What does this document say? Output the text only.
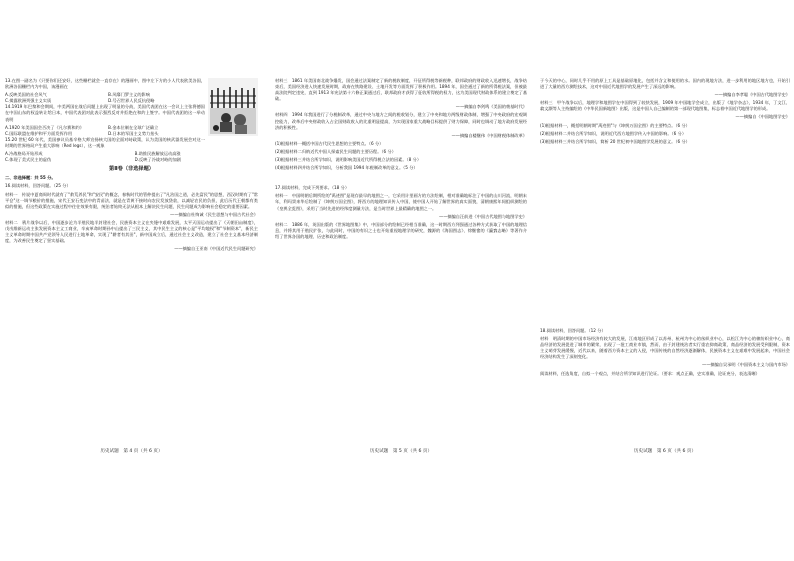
13.在图一副名为《只要你们还安好，这些栅栏就会一直存在》的漫画中，图中左下方的小人代表欧美各国，欧洲各国栅栏内为中国，该漫画在

A.反映美国的社会风气	B.风靡门罗主义的影响
C.揭露欧洲列强主义实质	D.号召世界人民反抗侵略

14.1919 年巴黎和会期间，中美两国在战后问题上出现了明显的分歧，美国代表团在这一会议上主张将德国在中国山东的权益转让给日本，中国代表团对此表示强烈反对并拒绝在和约上签字。中国代表团的这一举动表明

A.1920 年美国国会否决了《凡尔赛和约》	B.金本位制在全球广泛确立
C.国际联盟在维护和平方面发挥作用	D.日本的军国主义势力抬头

15.20 世纪 60 年代，美国参议员基辛格大师宣扬核大国的全面对峙政策，认为美国的核武器发展会对这一时期的世界格局产生重大影响（Red legs），这一观象

A.冷战格局开始形成	B.助推民族解放运动高涨
C.体现了美式民主的虚伪	D.反映了冷战对峙的加剧
第Ⅱ卷（非选择题）

二、非选择题：共 55 分。

16.阅读材料，回答问题。（25 分）

材料一　传说中夏商周时代就有了"救荒养民"和"安民"的概念，春秋时代的管仲提出了"凡治国之道，必先富民"的思想，西汉时期有了"常平仓"这一调节粮价的措施，宋代王安石变法中的青苗法，就是在青黄不接时向农民发放贷款，以减轻农民的负担，此后历代王朝都有类似的措施，但这些政策在实施过程中往往效果有限，统治者始终无法从根本上解决民生问题，民生问题成为影响社会稳定的重要因素。

——摘编自杜恂诚《民生思想与中国古代社会》

材料二　鸦片战争以后，中国逐步沦为半殖民地半封建社会，民族资本主义在夹缝中艰难发展，太平天国运动提出了《天朝田亩制度》，戊戌维新运动主张发展资本主义工商业，辛亥革命时期孙中山提出了三民主义，其中民生主义的核心是"平均地权"和"节制资本"，新民主主义革命时期中国共产党领导人民进行土地革命，实现了"耕者有其田"，新中国成立后，通过社会主义改造，建立了社会主义基本经济制度，为改善民生奠定了坚实基础。

——摘编自王亚南《中国近代民生问题研究》
历史试题　第 4 页（共 6 页）

材料三　1861 年美国南北战争爆发，国会通过法案制定了新的税收制度，开征所得税等新税种，联邦政府的财政收入迅速增长，战争结束后，美国经济进入快速发展时期，政府在铁路建设、土地开发等方面发挥了积极作用。1894 年，国会通过了新的所得税法案，但被最高法院判定违宪，直到 1913 年宪法第十六修正案通过后，联邦政府才获得了征收所得税的权力，这为美国现代财政体系的建立奠定了基础。

——摘编自李剑鸣《美国的奠基时代》

材料四　1994 年我国进行了分税制改革，通过中央与地方之间的税收划分，建立了中央和地方两级财政体制，增强了中央政府的宏观调控能力，改革后中央财政收入占全国财政收入的比重明显提高，为实现国家重大战略目标提供了财力保障，同时也调动了地方政府发展经济的积极性。

——摘编自楼继伟《中国财税体制改革》

(1)根据材料一概括中国古代民生思想的主要特点。（6 分）

(2)根据材料二归纳近代中国人探索民生问题的主要历程。（6 分）

(3)根据材料三并结合所学知识，说明影响美国近代所得税立法的因素。（8 分）

(4)根据材料四并结合所学知识，分析我国 1994 年税制改革的意义。（5 分）

17.阅读材料，完成下列要求。（18 分）

材料一　中国明朝后期所绘的"禹迹图"是现存最早的地图之一，它采用计里画方的方法绘制，相对准确地标注了中国的山川河流，明朝末年，利玛窦来华后绘制了《坤舆万国全图》，将西方的地理知识传入中国，使中国人开始了解世界的真实面貌，清朝康熙年间组织测绘的《皇舆全览图》，采用了当时先进的经纬度测量方法，是当时世界上最精确的地图之一。

——摘编自汪前进《中国古代地图与地图学史》

材料二　1886 年，英国出版的《世界地图集》中，中国部分的绘制已经相当准确，这一时期西方列强通过各种方式获取了中国的地理信息，并将其用于殖民扩张，与此同时，中国的有识之士也开始重视地理学的研究，魏源的《海国图志》、徐继畬的《瀛寰志略》等著作介绍了世界各国的地理、历史和政治制度。

历史试题　第 5 页（共 6 页）

于今天的中心，同时几乎不用的原上工具是基础原地化，包括并含义和使用的水。国内的现地方法，进一步利用的地区地方也，开始引进了大量的西方测绘技术，这对中国近代地图学的发展产生了深远的影响。

——摘编自李孝聪《中国古代地图学史》

材料三　甲午战争以后，地理学和地图学在中国得到了较快发展，1909 年中国地学会成立，出版了《地学杂志》，1934 年，丁文江、翁文灏等人主持编绘的《中华民国新地图》出版，这是中国人自己编制的第一部现代地图集，标志着中国近代地图学的形成。

——摘编自《中国地图学史》

(1)根据材料一，概括明朝时期"禹迹图"与《坤舆万国全图》的主要特点。（6 分）

(2)根据材料二并结合所学知识，说明近代西方地图学传入中国的影响。（6 分）

(3)根据材料三并结合所学知识，简析 20 世纪初中国地图学发展的意义。（6 分）

18.阅读材料，回答问题。（12 分）

材料　明清时期的中国市场经济有较大的发展，江南地区形成了以苏州、杭州为中心的丝织业中心，以松江为中心的棉纺织业中心，商品经济的发展促进了城市的繁荣，出现了一批工商业市镇，然而，由于封建统治者实行重农抑商政策，商品经济的发展受到限制，资本主义萌芽发展缓慢，近代以来，随着西方资本主义的入侵，中国传统的自然经济逐渐解体，民族资本主义在艰难中发展起来，中国社会经济结构发生了深刻变化。

——摘编自吴承明《中国资本主义与国内市场》

阅读材料，任选角度，自拟一个观点，并结合所学知识进行论证。（要求：观点正确，史实准确，论证充分，表达清晰）

历史试题　第 6 页（共 6 页）
